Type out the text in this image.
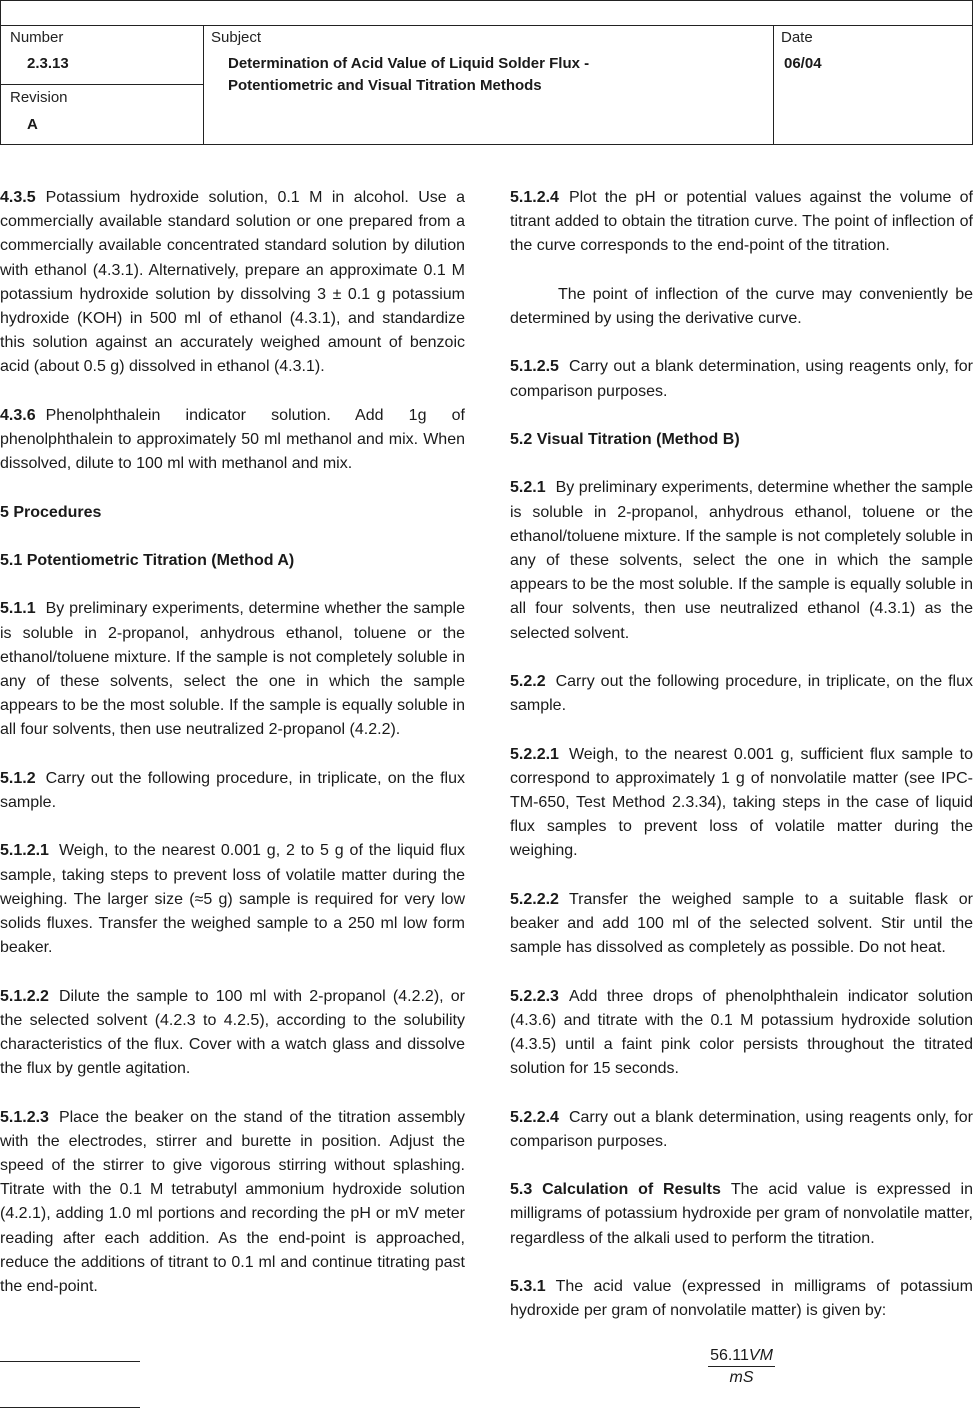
Number
2.3.13
Revision
A
Subject
Determination of Acid Value of Liquid Solder Flux -
Potentiometric and Visual Titration Methods
Date
06/04

4.3.5 Potassium hydroxide solution, 0.1 M in alcohol. Use a commercially available standard solution or one prepared from a commercially available concentrated standard solution by dilution with ethanol (4.3.1). Alternatively, prepare an approximate 0.1 M potassium hydroxide solution by dissolving 3 ± 0.1 g potassium hydroxide (KOH) in 500 ml of ethanol (4.3.1), and standardize this solution against an accurately weighed amount of benzoic acid (about 0.5 g) dissolved in ethanol (4.3.1).

4.3.6 Phenolphthalein indicator solution. Add 1g of phenolphthalein to approximately 50 ml methanol and mix. When dissolved, dilute to 100 ml with methanol and mix.

5 Procedures

5.1 Potentiometric Titration (Method A)

5.1.1 By preliminary experiments, determine whether the sample is soluble in 2-propanol, anhydrous ethanol, toluene or the ethanol/toluene mixture. If the sample is not completely soluble in any of these solvents, select the one in which the sample appears to be the most soluble. If the sample is equally soluble in all four solvents, then use neutralized 2-propanol (4.2.2).

5.1.2 Carry out the following procedure, in triplicate, on the flux sample.

5.1.2.1 Weigh, to the nearest 0.001 g, 2 to 5 g of the liquid flux sample, taking steps to prevent loss of volatile matter during the weighing. The larger size (≈5 g) sample is required for very low solids fluxes. Transfer the weighed sample to a 250 ml low form beaker.

5.1.2.2 Dilute the sample to 100 ml with 2-propanol (4.2.2), or the selected solvent (4.2.3 to 4.2.5), according to the solubility characteristics of the flux. Cover with a watch glass and dissolve the flux by gentle agitation.

5.1.2.3 Place the beaker on the stand of the titration assembly with the electrodes, stirrer and burette in position. Adjust the speed of the stirrer to give vigorous stirring without splashing. Titrate with the 0.1 M tetrabutyl ammonium hydroxide solution (4.2.1), adding 1.0 ml portions and recording the pH or mV meter reading after each addition. As the end-point is approached, reduce the additions of titrant to 0.1 ml and continue titrating past the end-point.

5.1.2.4 Plot the pH or potential values against the volume of titrant added to obtain the titration curve. The point of inflection of the curve corresponds to the end-point of the titration.

The point of inflection of the curve may conveniently be determined by using the derivative curve.

5.1.2.5 Carry out a blank determination, using reagents only, for comparison purposes.

5.2 Visual Titration (Method B)

5.2.1 By preliminary experiments, determine whether the sample is soluble in 2-propanol, anhydrous ethanol, toluene or the ethanol/toluene mixture. If the sample is not completely soluble in any of these solvents, select the one in which the sample appears to be the most soluble. If the sample is equally soluble in all four solvents, then use neutralized ethanol (4.3.1) as the selected solvent.

5.2.2 Carry out the following procedure, in triplicate, on the flux sample.

5.2.2.1 Weigh, to the nearest 0.001 g, sufficient flux sample to correspond to approximately 1 g of nonvolatile matter (see IPC-TM-650, Test Method 2.3.34), taking steps in the case of liquid flux samples to prevent loss of volatile matter during the weighing.

5.2.2.2 Transfer the weighed sample to a suitable flask or beaker and add 100 ml of the selected solvent. Stir until the sample has dissolved as completely as possible. Do not heat.

5.2.2.3 Add three drops of phenolphthalein indicator solution (4.3.6) and titrate with the 0.1 M potassium hydroxide solution (4.3.5) until a faint pink color persists throughout the titrated solution for 15 seconds.

5.2.2.4 Carry out a blank determination, using reagents only, for comparison purposes.

5.3 Calculation of Results The acid value is expressed in milligrams of potassium hydroxide per gram of nonvolatile matter, regardless of the alkali used to perform the titration.

5.3.1 The acid value (expressed in milligrams of potassium hydroxide per gram of nonvolatile matter) is given by:

$\frac{56.11VM}{mS}$
